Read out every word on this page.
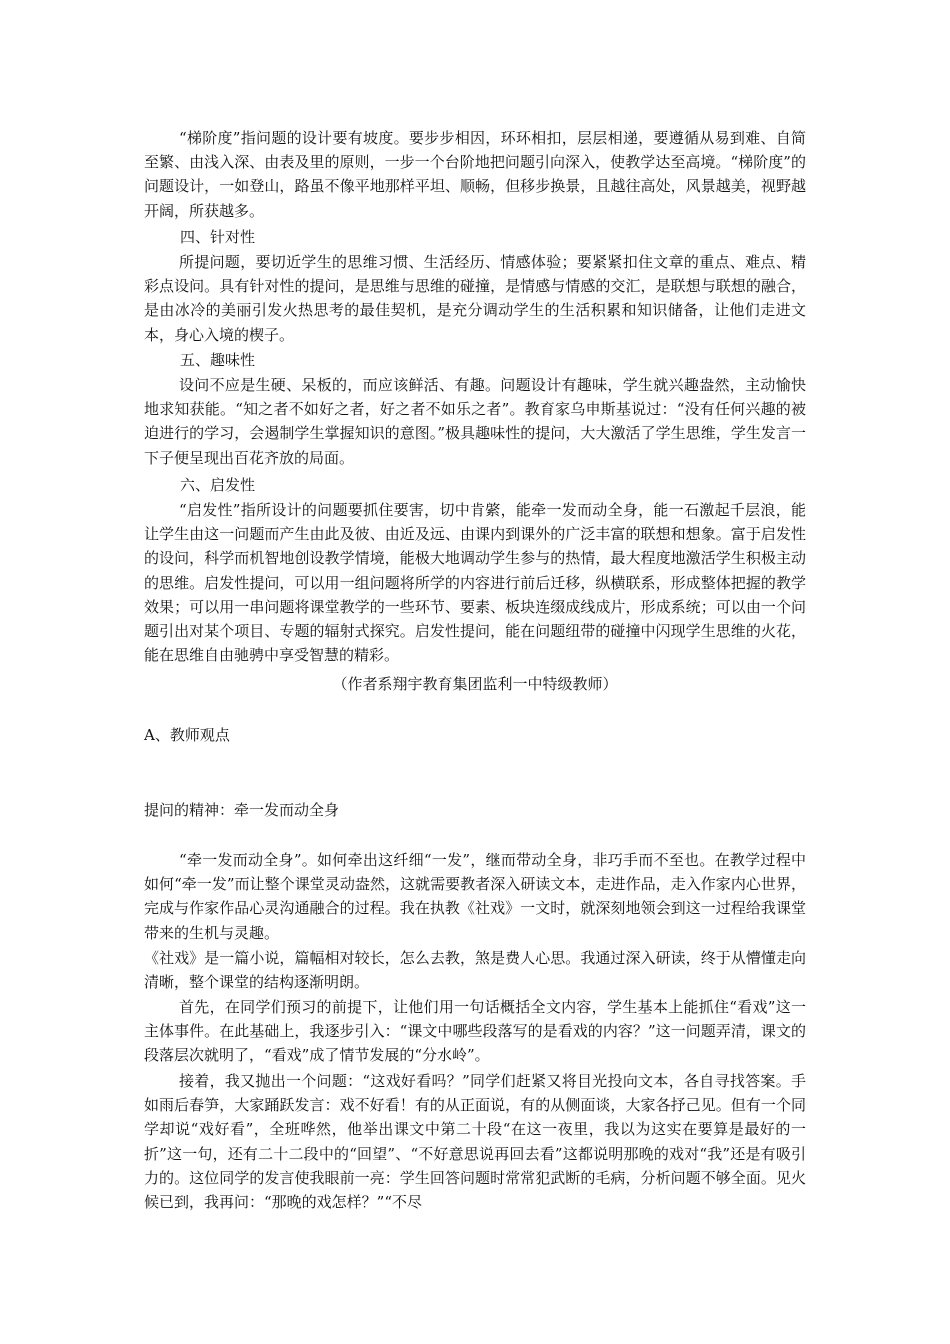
“梯阶度”指问题的设计要有坡度。要步步相因，环环相扣，层层相递，要遵循从易到难、自简至繁、由浅入深、由表及里的原则，一步一个台阶地把问题引向深入，使教学达至高境。“梯阶度”的问题设计，一如登山，路虽不像平地那样平坦、顺畅，但移步换景，且越往高处，风景越美，视野越开阔，所获越多。

四、针对性

所提问题，要切近学生的思维习惯、生活经历、情感体验；要紧紧扣住文章的重点、难点、精彩点设问。具有针对性的提问，是思维与思维的碰撞，是情感与情感的交汇，是联想与联想的融合，是由冰冷的美丽引发火热思考的最佳契机，是充分调动学生的生活积累和知识储备，让他们走进文本，身心入境的楔子。

五、趣味性

设问不应是生硬、呆板的，而应该鲜活、有趣。问题设计有趣味，学生就兴趣盎然，主动愉快地求知获能。“知之者不如好之者，好之者不如乐之者”。教育家乌申斯基说过：“没有任何兴趣的被迫进行的学习，会遏制学生掌握知识的意图。”极具趣味性的提问，大大激活了学生思维，学生发言一下子便呈现出百花齐放的局面。

六、启发性

“启发性”指所设计的问题要抓住要害，切中肯綮，能牵一发而动全身，能一石激起千层浪，能让学生由这一问题而产生由此及彼、由近及远、由课内到课外的广泛丰富的联想和想象。富于启发性的设问，科学而机智地创设教学情境，能极大地调动学生参与的热情，最大程度地激活学生积极主动的思维。启发性提问，可以用一组问题将所学的内容进行前后迁移，纵横联系，形成整体把握的教学效果；可以用一串问题将课堂教学的一些环节、要素、板块连缀成线成片，形成系统；可以由一个问题引出对某个项目、专题的辐射式探究。启发性提问，能在问题纽带的碰撞中闪现学生思维的火花，能在思维自由驰骋中享受智慧的精彩。

（作者系翔宇教育集团监利一中特级教师）

A、教师观点

提问的精神：牵一发而动全身

“牵一发而动全身”。如何牵出这纤细“一发”，继而带动全身，非巧手而不至也。在教学过程中如何“牵一发”而让整个课堂灵动盎然，这就需要教者深入研读文本，走进作品，走入作家内心世界，完成与作家作品心灵沟通融合的过程。我在执教《社戏》一文时，就深刻地领会到这一过程给我课堂带来的生机与灵趣。

《社戏》是一篇小说，篇幅相对较长，怎么去教，煞是费人心思。我通过深入研读，终于从懵懂走向清晰，整个课堂的结构逐渐明朗。

首先，在同学们预习的前提下，让他们用一句话概括全文内容，学生基本上能抓住“看戏”这一主体事件。在此基础上，我逐步引入：“课文中哪些段落写的是看戏的内容？”这一问题弄清，课文的段落层次就明了，“看戏”成了情节发展的“分水岭”。

接着，我又抛出一个问题：“这戏好看吗？”同学们赶紧又将目光投向文本，各自寻找答案。手如雨后春笋，大家踊跃发言：戏不好看！有的从正面说，有的从侧面谈，大家各抒己见。但有一个同学却说“戏好看”，全班哗然，他举出课文中第二十段“在这一夜里，我以为这实在要算是最好的一折”这一句，还有二十二段中的“回望”、“不好意思说再回去看”这都说明那晚的戏对“我”还是有吸引力的。这位同学的发言使我眼前一亮：学生回答问题时常常犯武断的毛病，分析问题不够全面。见火候已到，我再问：“那晚的戏怎样？”“不尽
